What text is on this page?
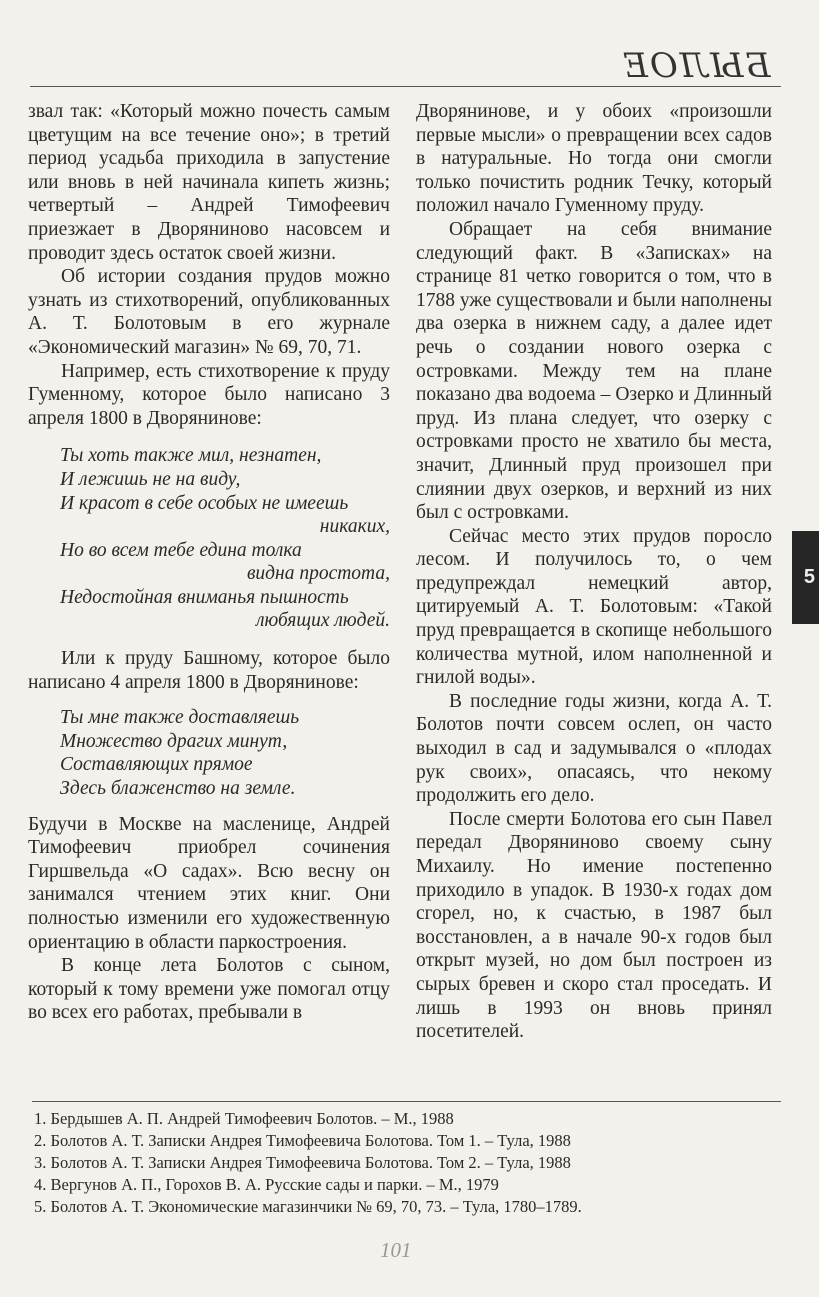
БЫЛОЕ

звал так: «Который можно почесть самым цветущим на все течение оно»; в третий период усадьба приходила в запустение или вновь в ней начинала кипеть жизнь; четвертый – Андрей Тимофеевич приезжает в Дворяниново насовсем и проводит здесь остаток своей жизни.

Об истории создания прудов можно узнать из стихотворений, опубликованных А. Т. Болотовым в его журнале «Экономический магазин» № 69, 70, 71.

Например, есть стихотворение к пруду Гуменному, которое было написано 3 апреля 1800 в Дворянинове:

Ты хоть также мил, незнатен,
И лежишь не на виду,
И красот в себе особых не имеешь
никаких,
Но во всем тебе едина толка
видна простота,
Недостойная вниманья пышность
любящих людей.

Или к пруду Башному, которое было написано 4 апреля 1800 в Дворянинове:

Ты мне также доставляешь
Множество драгих минут,
Составляющих прямое
Здесь блаженство на земле.

Будучи в Москве на масленице, Андрей Тимофеевич приобрел сочинения Гиршвельда «О садах». Всю весну он занимался чтением этих книг. Они полностью изменили его художественную ориентацию в области паркостроения.

В конце лета Болотов с сыном, который к тому времени уже помогал отцу во всех его работах, пребывали в

Дворянинове, и у обоих «произошли первые мысли» о превращении всех садов в натуральные. Но тогда они смогли только почистить родник Течку, который положил начало Гуменному пруду.

Обращает на себя внимание следующий факт. В «Записках» на странице 81 четко говорится о том, что в 1788 уже существовали и были наполнены два озерка в нижнем саду, а далее идет речь о создании нового озерка с островками. Между тем на плане показано два водоема – Озерко и Длинный пруд. Из плана следует, что озерку с островками просто не хватило бы места, значит, Длинный пруд произошел при слиянии двух озерков, и верхний из них был с островками.

Сейчас место этих прудов поросло лесом. И получилось то, о чем предупреждал немецкий автор, цитируемый А. Т. Болотовым: «Такой пруд превращается в скопище небольшого количества мутной, илом наполненной и гнилой воды».

В последние годы жизни, когда А. Т. Болотов почти совсем ослеп, он часто выходил в сад и задумывался о «плодах рук своих», опасаясь, что некому продолжить его дело.

После смерти Болотова его сын Павел передал Дворяниново своему сыну Михаилу. Но имение постепенно приходило в упадок. В 1930-х годах дом сгорел, но, к счастью, в 1987 был восстановлен, а в начале 90-х годов был открыт музей, но дом был построен из сырых бревен и скоро стал проседать. И лишь в 1993 он вновь принял посетителей.

5
1. Бердышев А. П. Андрей Тимофеевич Болотов. – М., 1988
2. Болотов А. Т. Записки Андрея Тимофеевича Болотова. Том 1. – Тула, 1988
3. Болотов А. Т. Записки Андрея Тимофеевича Болотова. Том 2. – Тула, 1988
4. Вергунов А. П., Горохов В. А. Русские сады и парки. – М., 1979
5. Болотов А. Т. Экономические магазинчики № 69, 70, 73. – Тула, 1780–1789.
101
